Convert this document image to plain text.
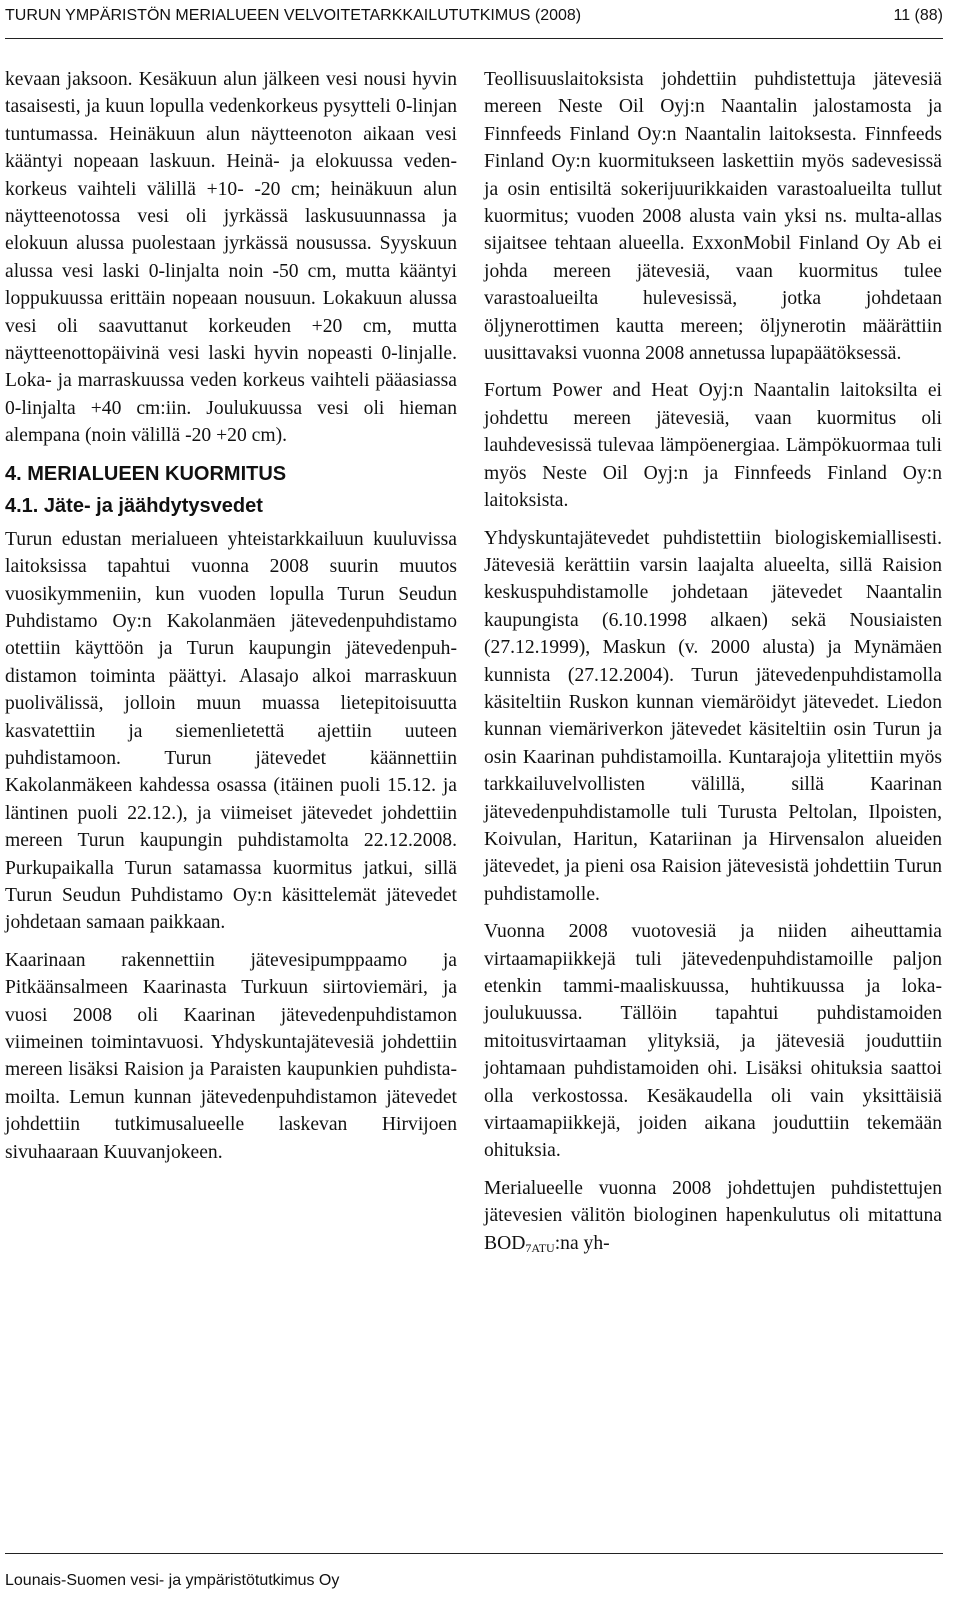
TURUN YMPÄRISTÖN MERIALUEEN VELVOITETARKKAILUTUTKIMUS (2008)	11 (88)

kevaan jaksoon. Kesäkuun alun jälkeen vesi nousi hyvin tasaisesti, ja kuun lopulla vedenkorkeus pysytteli 0-linjan tuntumassa. Heinäkuun alun näytteenoton aikaan vesi kääntyi nopeaan laskuun. Heinä- ja elokuussa vedenkorkeus vaihteli välillä +10- -20 cm; heinäkuun alun näytteenotossa vesi oli jyrkässä laskusuunnassa ja elokuun alussa puolestaan jyrkässä nousussa. Syyskuun alussa vesi laski 0-linjalta noin -50 cm, mutta kääntyi loppukuussa erittäin nopeaan nousuun. Lokakuun alussa vesi oli saavuttanut korkeuden +20 cm, mutta näytteenottopäivinä vesi laski hyvin nopeasti 0-linjalle. Loka- ja marraskuussa veden korkeus vaihteli pääasiassa 0-linjalta +40 cm:iin. Joulukuussa vesi oli hieman alempana (noin välillä -20 +20 cm).

4. MERIALUEEN KUORMITUS
4.1. Jäte- ja jäähdytysvedet

Turun edustan merialueen yhteistarkkailuun kuuluvissa laitoksissa tapahtui vuonna 2008 suurin muutos vuosikymmeniin, kun vuoden lopulla Turun Seudun Puhdistamo Oy:n Kakolanmäen jätevedenpuhdistamo otettiin käyttöön ja Turun kaupungin jätevedenpuhdistamon toiminta päättyi. Alasajo alkoi marraskuun puolivälissä, jolloin muun muassa lietepitoisuutta kasvatettiin ja siemenlietettä ajettiin uuteen puhdistamoon. Turun jätevedet käännettiin Kakolanmäkeen kahdessa osassa (itäinen puoli 15.12. ja läntinen puoli 22.12.), ja viimeiset jätevedet johdettiin mereen Turun kaupungin puhdistamolta 22.12.2008. Purkupaikalla Turun satamassa kuormitus jatkui, sillä Turun Seudun Puhdistamo Oy:n käsittelemät jätevedet johdetaan samaan paikkaan.

Kaarinaan rakennettiin jätevesipumppaamo ja Pitkäänsalmeen Kaarinasta Turkuun siirtoviemäri, ja vuosi 2008 oli Kaarinan jätevedenpuhdistamon viimeinen toimintavuosi. Yhdyskuntajätevesiä johdettiin mereen lisäksi Raision ja Paraisten kaupunkien puhdistamoilta. Lemun kunnan jätevedenpuhdistamon jätevedet johdettiin tutkimusalueelle laskevan Hirvijoen sivuhaaraan Kuuvanjokeen.

Teollisuuslaitoksista johdettiin puhdistettuja jätevesiä mereen Neste Oil Oyj:n Naantalin jalostamosta ja Finnfeeds Finland Oy:n Naantalin laitoksesta. Finnfeeds Finland Oy:n kuormitukseen laskettiin myös sadevesissä ja osin entisiltä sokerijuurikkaiden varastoalueilta tullut kuormitus; vuoden 2008 alusta vain yksi ns. multa-allas sijaitsee tehtaan alueella. ExxonMobil Finland Oy Ab ei johda mereen jätevesiä, vaan kuormitus tulee varastoalueilta hulevesissä, jotka johdetaan öljynerottimen kautta mereen; öljynerotin määrättiin uusittavaksi vuonna 2008 annetussa lupapäätöksessä.

Fortum Power and Heat Oyj:n Naantalin laitoksilta ei johdettu mereen jätevesiä, vaan kuormitus oli lauhdevesissä tulevaa lämpöenergiaa. Lämpökuormaa tuli myös Neste Oil Oyj:n ja Finnfeeds Finland Oy:n laitoksista.

Yhdyskuntajätevedet puhdistettiin biologiskemiallisesti. Jätevesiä kerättiin varsin laajalta alueelta, sillä Raision keskuspuhdistamolle johdetaan jätevedet Naantalin kaupungista (6.10.1998 alkaen) sekä Nousiaisten (27.12.1999), Maskun (v. 2000 alusta) ja Mynämäen kunnista (27.12.2004). Turun jätevedenpuhdistamolla käsiteltiin Ruskon kunnan viemäröidyt jätevedet. Liedon kunnan viemäriverkon jätevedet käsiteltiin osin Turun ja osin Kaarinan puhdistamoilla. Kuntarajoja ylitettiin myös tarkkailuvelvollisten välillä, sillä Kaarinan jätevedenpuhdistamolle tuli Turusta Peltolan, Ilpoisten, Koivulan, Haritun, Katariinan ja Hirvensalon alueiden jätevedet, ja pieni osa Raision jätevesistä johdettiin Turun puhdistamolle.

Vuonna 2008 vuotovesiä ja niiden aiheuttamia virtaamapiikkejä tuli jätevedenpuhdistamoille paljon etenkin tammi-maaliskuussa, huhtikuussa ja loka-joulukuussa. Tällöin tapahtui puhdistamoiden mitoitusvirtaaman ylityksiä, ja jätevesiä jouduttiin johtamaan puhdistamoiden ohi. Lisäksi ohituksia saattoi olla verkostossa. Kesäkaudella oli vain yksittäisiä virtaamapiikkejä, joiden aikana jouduttiin tekemään ohituksia.

Merialueelle vuonna 2008 johdettujen puhdistettujen jätevesien välitön biologinen hapenkulutus oli mitattuna $BOD_{7ATU}:na$ yh-

Lounais-Suomen vesi- ja ympäristötutkimus Oy
